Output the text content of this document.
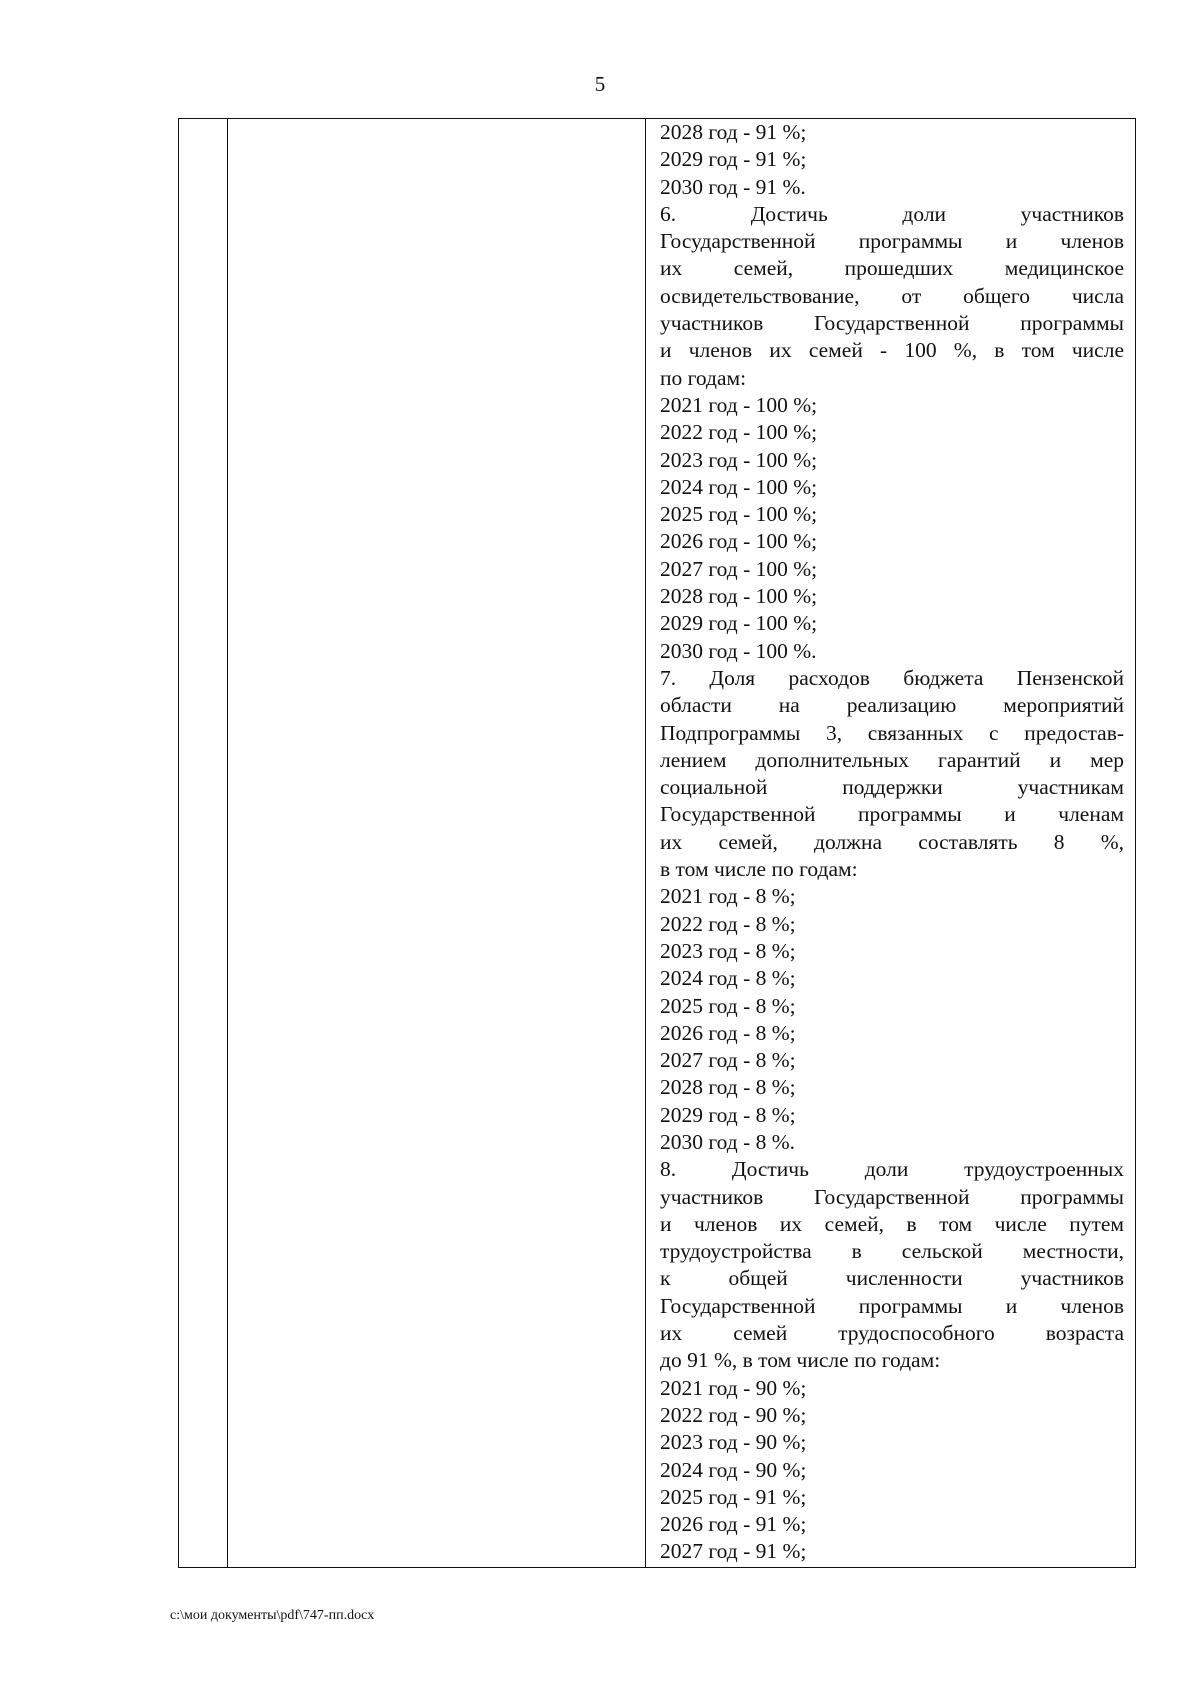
5
2028 год - 91 %;
2029 год - 91 %;
2030 год - 91 %.
6. Достичь доли участников
Государственной программы и членов
их семей, прошедших медицинское
освидетельствование, от общего числа
участников Государственной программы
и членов их семей - 100 %, в том числе
по годам:
2021 год - 100 %;
2022 год - 100 %;
2023 год - 100 %;
2024 год - 100 %;
2025 год - 100 %;
2026 год - 100 %;
2027 год - 100 %;
2028 год - 100 %;
2029 год - 100 %;
2030 год - 100 %.
7. Доля расходов бюджета Пензенской
области на реализацию мероприятий
Подпрограммы 3, связанных с предостав-
лением дополнительных гарантий и мер
социальной поддержки участникам
Государственной программы и членам
их семей, должна составлять 8 %,
в том числе по годам:
2021 год - 8 %;
2022 год - 8 %;
2023 год - 8 %;
2024 год - 8 %;
2025 год - 8 %;
2026 год - 8 %;
2027 год - 8 %;
2028 год - 8 %;
2029 год - 8 %;
2030 год - 8 %.
8. Достичь доли трудоустроенных
участников Государственной программы
и членов их семей, в том числе путем
трудоустройства в сельской местности,
к общей численности участников
Государственной программы и членов
их семей трудоспособного возраста
до 91 %, в том числе по годам:
2021 год - 90 %;
2022 год - 90 %;
2023 год - 90 %;
2024 год - 90 %;
2025 год - 91 %;
2026 год - 91 %;
2027 год - 91 %;
c:\мои документы\pdf\747-пп.docx
